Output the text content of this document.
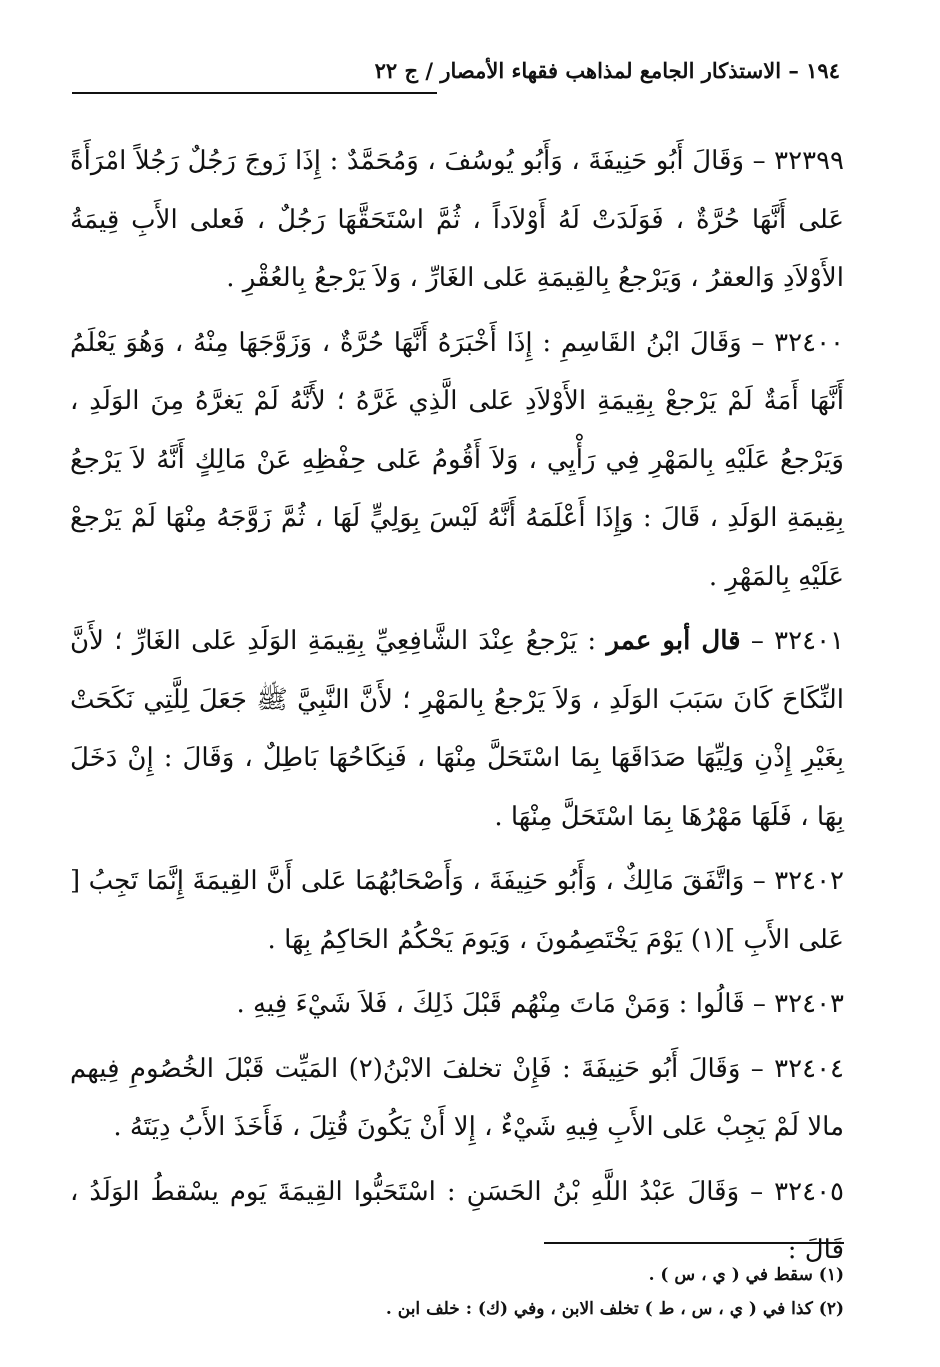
١٩٤ – الاستذكار الجامع لمذاهب فقهاء الأمصار / ج ٢٢

٣٢٣٩٩ – وَقَالَ أَبُو حَنِيفَةَ ، وَأَبُو يُوسُفَ ، وَمُحَمَّدٌ : إِذَا زَوجَ رَجُلٌ رَجُلاً امْرَأَةً عَلى أَنَّهَا حُرَّةٌ ، فَوَلَدَتْ لَهُ أَوْلاَداً ، ثُمَّ اسْتَحَقَّهَا رَجُلٌ ، فَعلى الأَبِ قِيمَةُ الأَوْلاَدِ وَالعقرُ ، وَيَرْجعُ بِالقِيمَةِ عَلى الغَارِّ ، وَلاَ يَرْجعُ بِالعُقْرِ .

٣٢٤٠٠ – وَقَالَ ابْنُ القَاسِمِ : إِذَا أَخْبَرَهُ أَنَّهَا حُرَّةٌ ، وَزَوَّجَهَا مِنْهُ ، وَهُوَ يَعْلَمُ أَنَّهَا أَمَةٌ لَمْ يَرْجعْ بِقِيمَةِ الأَوْلاَدِ عَلى الَّذِي غَرَّهُ ؛ لأَنَّهُ لَمْ يَغرَّهُ مِنَ الوَلَدِ ، وَيَرْجعُ عَلَيْهِ بِالمَهْرِ فِي رَأْيِي ، وَلاَ أَقُومُ عَلى حِفْظِهِ عَنْ مَالِكٍ أَنَّهُ لاَ يَرْجعُ بِقِيمَةِ الوَلَدِ ، قَالَ : وَإِذَا أَعْلَمَهُ أَنَّهُ لَيْسَ بِوَلِيٍّ لَهَا ، ثُمَّ زَوَّجَهُ مِنْهَا لَمْ يَرْجعْ عَلَيْهِ بِالمَهْرِ .

٣٢٤٠١ – قال أبو عمر : يَرْجعُ عِنْدَ الشَّافِعِيِّ بِقِيمَةِ الوَلَدِ عَلى الغَارِّ ؛ لأَنَّ النِّكَاحَ كَانَ سَبَبَ الوَلَدِ ، وَلاَ يَرْجعُ بِالمَهْرِ ؛ لأَنَّ النَّبِيَّ ﷺ جَعَلَ لِلَّتِي نَكَحَتْ بِغَيْرِ إِذْنِ وَلِيِّهَا صَدَاقَهَا بِمَا اسْتَحَلَّ مِنْهَا ، فَنِكَاحُهَا بَاطِلٌ ، وَقَالَ : إِنْ دَخَلَ بِهَا ، فَلَهَا مَهْرُهَا بِمَا اسْتَحَلَّ مِنْهَا .

٣٢٤٠٢ – وَاتَّفَقَ مَالِكٌ ، وَأَبُو حَنِيفَةَ ، وَأَصْحَابُهُمَا عَلى أَنَّ القِيمَةَ إِنَّمَا تَجِبُ [ عَلى الأَبِ ](١) يَوْمَ يَخْتَصِمُونَ ، وَيَومَ يَحْكُمُ الحَاكِمُ بِهَا .

٣٢٤٠٣ – قَالُوا : وَمَنْ مَاتَ مِنْهُم قَبْلَ ذَلِكَ ، فَلاَ شَيْءَ فِيهِ .

٣٢٤٠٤ – وَقَالَ أَبُو حَنِيفَةَ : فَإِنْ تخلفَ الابْنُ(٢) المَيِّت قَبْلَ الخُصُومِ فِيهم مالا لَمْ يَجِبْ عَلى الأَبِ فِيهِ شَيْءٌ ، إِلا أَنْ يَكُونَ قُتِلَ ، فَأَخَذَ الأَبُ دِيَتَهُ .

٣٢٤٠٥ – وَقَالَ عَبْدُ اللَّهِ بْنُ الحَسَنِ : اسْتَحَبُّوا القِيمَةَ يَوم يسْقطُ الوَلَدُ ، قَالَ :

(١) سقط في ( ي ، س ) .

(٢) كذا في ( ي ، س ، ط ) تخلف الابن ، وفي (ك) : خلف ابن .
